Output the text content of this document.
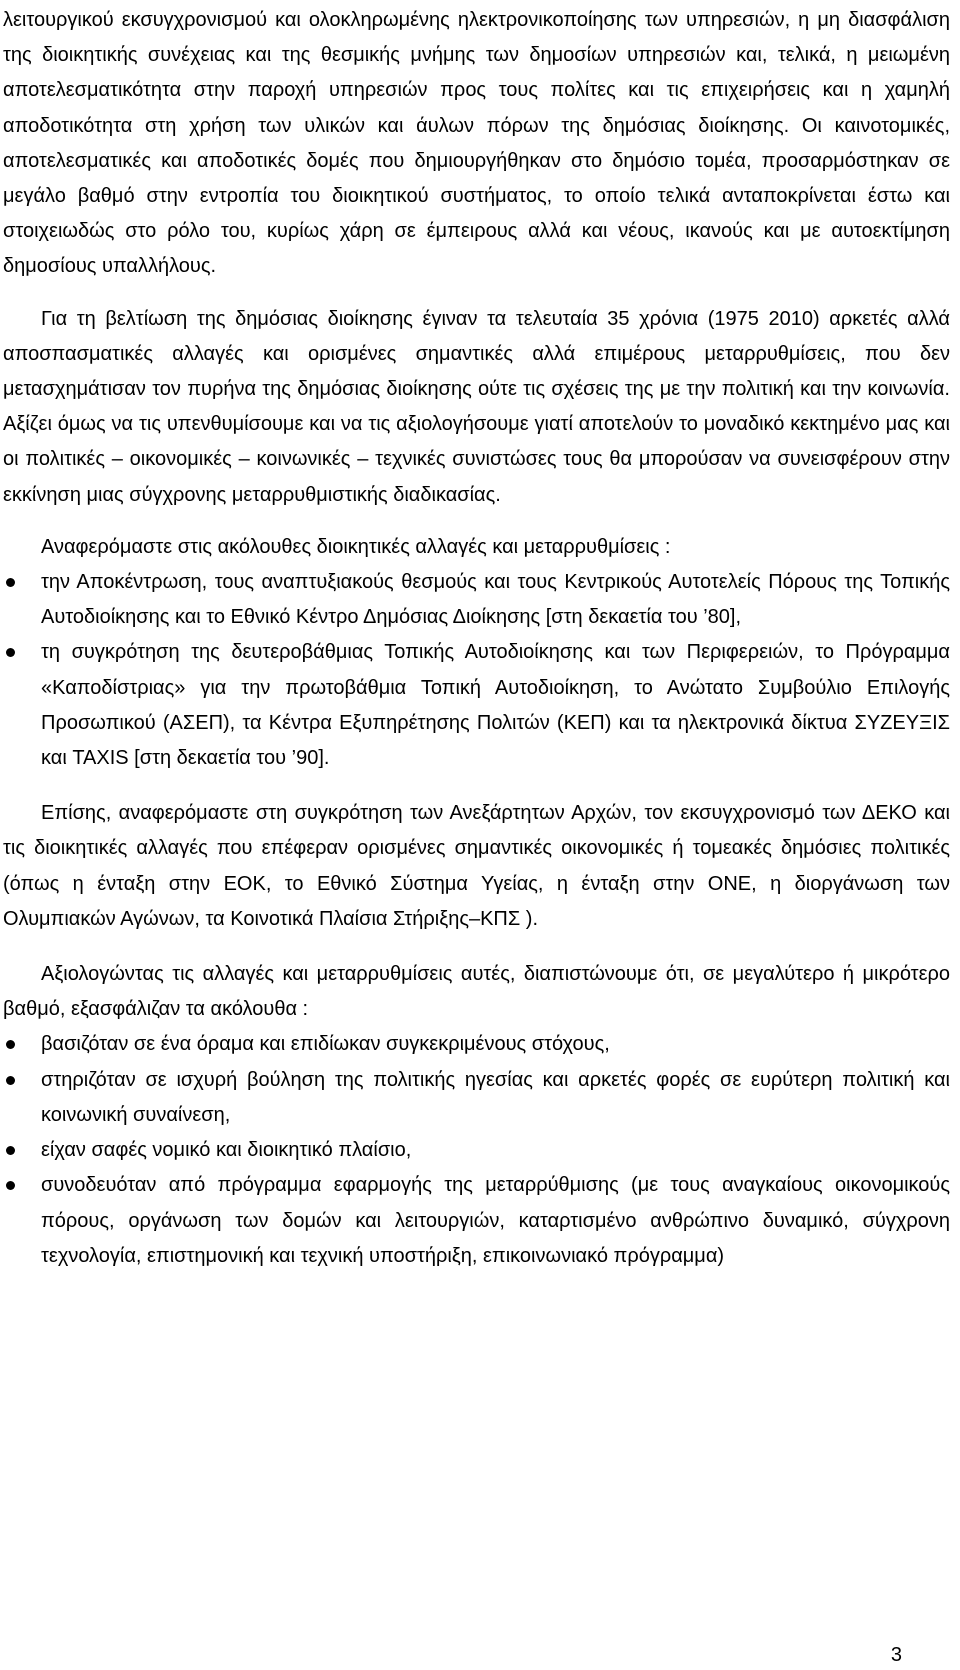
λειτουργικού εκσυγχρονισμού και ολοκληρωμένης ηλεκτρονικοποίησης των υπηρεσιών, η μη διασφάλιση της διοικητικής συνέχειας και της θεσμικής μνήμης των δημοσίων υπηρεσιών και, τελικά, η μειωμένη αποτελεσματικότητα στην παροχή υπηρεσιών προς τους πολίτες και τις επιχειρήσεις και η χαμηλή αποδοτικότητα στη χρήση των υλικών και άυλων πόρων της δημόσιας διοίκησης. Οι καινοτομικές, αποτελεσματικές και αποδοτικές δομές που δημιουργήθηκαν στο δημόσιο τομέα, προσαρμόστηκαν σε μεγάλο βαθμό στην εντροπία του διοικητικού συστήματος, το οποίο τελικά ανταποκρίνεται έστω και στοιχειωδώς στο ρόλο του, κυρίως χάρη σε έμπειρους αλλά και νέους, ικανούς και με αυτοεκτίμηση δημοσίους υπαλλήλους.

Για τη βελτίωση της δημόσιας διοίκησης έγιναν τα τελευταία 35 χρόνια (1975 2010) αρκετές αλλά αποσπασματικές αλλαγές και ορισμένες σημαντικές αλλά επιμέρους μεταρρυθμίσεις, που δεν μετασχημάτισαν τον πυρήνα της δημόσιας διοίκησης ούτε τις σχέσεις της με την πολιτική και την κοινωνία. Αξίζει όμως να τις υπενθυμίσουμε και να τις αξιολογήσουμε γιατί αποτελούν το μοναδικό κεκτημένο μας και οι πολιτικές – οικονομικές – κοινωνικές – τεχνικές συνιστώσες τους θα μπορούσαν να συνεισφέρουν στην εκκίνηση μιας σύγχρονης μεταρρυθμιστικής διαδικασίας.

Αναφερόμαστε στις ακόλουθες διοικητικές αλλαγές και μεταρρυθμίσεις :

την Αποκέντρωση, τους αναπτυξιακούς θεσμούς και τους Κεντρικούς Αυτοτελείς Πόρους της Τοπικής Αυτοδιοίκησης και το Εθνικό Κέντρο Δημόσιας Διοίκησης [στη δεκαετία του ’80],
τη συγκρότηση της δευτεροβάθμιας Τοπικής Αυτοδιοίκησης και των Περιφερειών, το Πρόγραμμα «Καποδίστριας» για την πρωτοβάθμια Τοπική Αυτοδιοίκηση, το Ανώτατο Συμβούλιο Επιλογής Προσωπικού (ΑΣΕΠ), τα Κέντρα Εξυπηρέτησης Πολιτών (ΚΕΠ) και τα ηλεκτρονικά δίκτυα ΣΥΖΕΥΞΙΣ και TAXIS [στη δεκαετία του ’90].

Επίσης, αναφερόμαστε στη συγκρότηση των Ανεξάρτητων Αρχών, τον εκσυγχρονισμό των ΔΕΚΟ και τις διοικητικές αλλαγές που επέφεραν ορισμένες σημαντικές οικονομικές ή τομεακές δημόσιες πολιτικές (όπως η ένταξη στην ΕΟΚ, το Εθνικό Σύστημα Υγείας, η ένταξη στην ΟΝΕ, η διοργάνωση των Ολυμπιακών Αγώνων, τα Κοινοτικά Πλαίσια Στήριξης–ΚΠΣ ).

Αξιολογώντας τις αλλαγές και μεταρρυθμίσεις αυτές, διαπιστώνουμε ότι, σε μεγαλύτερο ή μικρότερο βαθμό, εξασφάλιζαν τα ακόλουθα :

βασιζόταν σε ένα όραμα και επιδίωκαν συγκεκριμένους στόχους,
στηριζόταν σε ισχυρή βούληση της πολιτικής ηγεσίας και αρκετές φορές σε ευρύτερη πολιτική και κοινωνική συναίνεση,
είχαν σαφές νομικό και διοικητικό πλαίσιο,
συνοδευόταν από πρόγραμμα εφαρμογής της μεταρρύθμισης (με τους αναγκαίους οικονομικούς πόρους, οργάνωση των δομών και λειτουργιών, καταρτισμένο ανθρώπινο δυναμικό, σύγχρονη τεχνολογία, επιστημονική και τεχνική υποστήριξη, επικοινωνιακό πρόγραμμα)
3
